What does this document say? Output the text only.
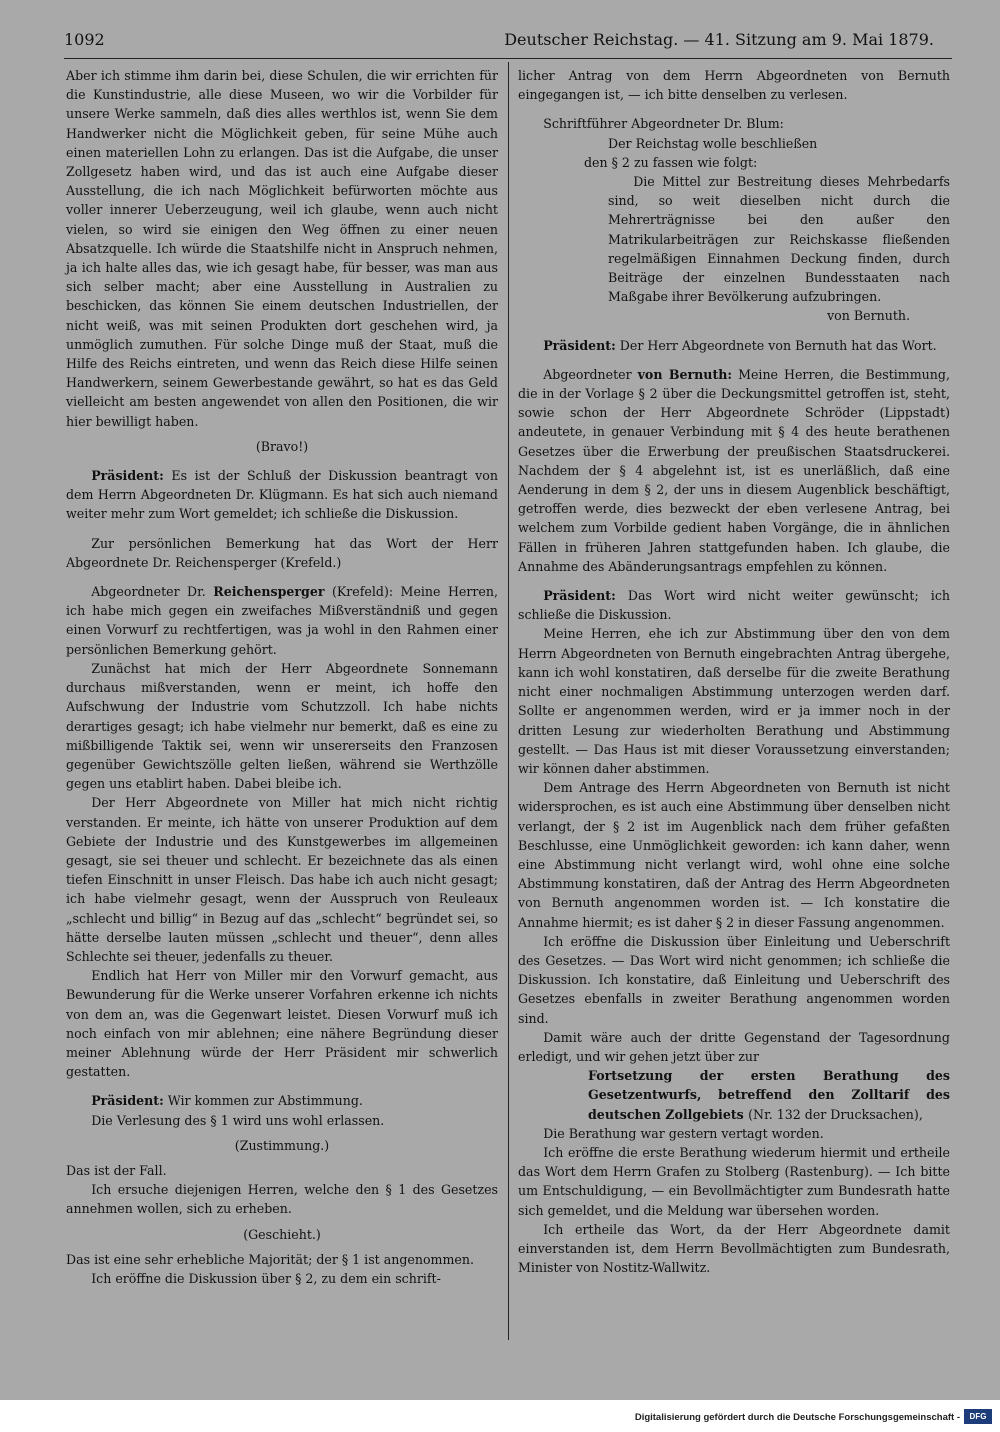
1092	Deutscher Reichstag. — 41. Sitzung am 9. Mai 1879.

Aber ich stimme ihm darin bei, diese Schulen, die wir errichten für die Kunstindustrie, alle diese Museen, wo wir die Vorbilder für unsere Werke sammeln, daß dies alles werthlos ist, wenn Sie dem Handwerker nicht die Möglichkeit geben, für seine Mühe auch einen materiellen Lohn zu erlangen. Das ist die Aufgabe, die unser Zollgesetz haben wird, und das ist auch eine Aufgabe dieser Ausstellung, die ich nach Möglichkeit befürworten möchte aus voller innerer Ueberzeugung, weil ich glaube, wenn auch nicht vielen, so wird sie einigen den Weg öffnen zu einer neuen Absatzquelle. Ich würde die Staatshilfe nicht in Anspruch nehmen, ja ich halte alles das, wie ich gesagt habe, für besser, was man aus sich selber macht; aber eine Ausstellung in Australien zu beschicken, das können Sie einem deutschen Industriellen, der nicht weiß, was mit seinen Produkten dort geschehen wird, ja unmöglich zumuthen. Für solche Dinge muß der Staat, muß die Hilfe des Reichs eintreten, und wenn das Reich diese Hilfe seinen Handwerkern, seinem Gewerbestande gewährt, so hat es das Geld vielleicht am besten angewendet von allen den Positionen, die wir hier bewilligt haben.

(Bravo!)

Präsident: Es ist der Schluß der Diskussion beantragt von dem Herrn Abgeordneten Dr. Klügmann. Es hat sich auch niemand weiter mehr zum Wort gemeldet; ich schließe die Diskussion.

Zur persönlichen Bemerkung hat das Wort der Herr Abgeordnete Dr. Reichensperger (Krefeld.)

Abgeordneter Dr. Reichensperger (Krefeld): Meine Herren, ich habe mich gegen ein zweifaches Mißverständniß und gegen einen Vorwurf zu rechtfertigen, was ja wohl in den Rahmen einer persönlichen Bemerkung gehört.

Zunächst hat mich der Herr Abgeordnete Sonnemann durchaus mißverstanden, wenn er meint, ich hoffe den Aufschwung der Industrie vom Schutzzoll. Ich habe nichts derartiges gesagt; ich habe vielmehr nur bemerkt, daß es eine zu mißbilligende Taktik sei, wenn wir unsererseits den Franzosen gegenüber Gewichtszölle gelten ließen, während sie Werthzölle gegen uns etablirt haben. Dabei bleibe ich.

Der Herr Abgeordnete von Miller hat mich nicht richtig verstanden. Er meinte, ich hätte von unserer Produktion auf dem Gebiete der Industrie und des Kunstgewerbes im allgemeinen gesagt, sie sei theuer und schlecht. Er bezeichnete das als einen tiefen Einschnitt in unser Fleisch. Das habe ich auch nicht gesagt; ich habe vielmehr gesagt, wenn der Ausspruch von Reuleaux „schlecht und billig“ in Bezug auf das „schlecht“ begründet sei, so hätte derselbe lauten müssen „schlecht und theuer“, denn alles Schlechte sei theuer, jedenfalls zu theuer.

Endlich hat Herr von Miller mir den Vorwurf gemacht, aus Bewunderung für die Werke unserer Vorfahren erkenne ich nichts von dem an, was die Gegenwart leistet. Diesen Vorwurf muß ich noch einfach von mir ablehnen; eine nähere Begründung dieser meiner Ablehnung würde der Herr Präsident mir schwerlich gestatten.

Präsident: Wir kommen zur Abstimmung.

Die Verlesung des § 1 wird uns wohl erlassen.

(Zustimmung.)

Das ist der Fall.

Ich ersuche diejenigen Herren, welche den § 1 des Gesetzes annehmen wollen, sich zu erheben.

(Geschieht.)

Das ist eine sehr erhebliche Majorität; der § 1 ist angenommen.

Ich eröffne die Diskussion über § 2, zu dem ein schrift-

licher Antrag von dem Herrn Abgeordneten von Bernuth eingegangen ist, — ich bitte denselben zu verlesen.

Schriftführer Abgeordneter Dr. Blum:

Der Reichstag wolle beschließen

den § 2 zu fassen wie folgt:

Die Mittel zur Bestreitung dieses Mehrbedarfs sind, so weit dieselben nicht durch die Mehrerträgnisse bei den außer den Matrikularbeiträgen zur Reichskasse fließenden regelmäßigen Einnahmen Deckung finden, durch Beiträge der einzelnen Bundesstaaten nach Maßgabe ihrer Bevölkerung aufzubringen.

von Bernuth.

Präsident: Der Herr Abgeordnete von Bernuth hat das Wort.

Abgeordneter von Bernuth: Meine Herren, die Bestimmung, die in der Vorlage § 2 über die Deckungsmittel getroffen ist, steht, sowie schon der Herr Abgeordnete Schröder (Lippstadt) andeutete, in genauer Verbindung mit § 4 des heute berathenen Gesetzes über die Erwerbung der preußischen Staatsdruckerei. Nachdem der § 4 abgelehnt ist, ist es unerläßlich, daß eine Aenderung in dem § 2, der uns in diesem Augenblick beschäftigt, getroffen werde, dies bezweckt der eben verlesene Antrag, bei welchem zum Vorbilde gedient haben Vorgänge, die in ähnlichen Fällen in früheren Jahren stattgefunden haben. Ich glaube, die Annahme des Abänderungsantrags empfehlen zu können.

Präsident: Das Wort wird nicht weiter gewünscht; ich schließe die Diskussion.

Meine Herren, ehe ich zur Abstimmung über den von dem Herrn Abgeordneten von Bernuth eingebrachten Antrag übergehe, kann ich wohl konstatiren, daß derselbe für die zweite Berathung nicht einer nochmaligen Abstimmung unterzogen werden darf. Sollte er angenommen werden, wird er ja immer noch in der dritten Lesung zur wiederholten Berathung und Abstimmung gestellt. — Das Haus ist mit dieser Voraussetzung einverstanden; wir können daher abstimmen.

Dem Antrage des Herrn Abgeordneten von Bernuth ist nicht widersprochen, es ist auch eine Abstimmung über denselben nicht verlangt, der § 2 ist im Augenblick nach dem früher gefaßten Beschlusse, eine Unmöglichkeit geworden: ich kann daher, wenn eine Abstimmung nicht verlangt wird, wohl ohne eine solche Abstimmung konstatiren, daß der Antrag des Herrn Abgeordneten von Bernuth angenommen worden ist. — Ich konstatire die Annahme hiermit; es ist daher § 2 in dieser Fassung angenommen.

Ich eröffne die Diskussion über Einleitung und Ueberschrift des Gesetzes. — Das Wort wird nicht genommen; ich schließe die Diskussion. Ich konstatire, daß Einleitung und Ueberschrift des Gesetzes ebenfalls in zweiter Berathung angenommen worden sind.

Damit wäre auch der dritte Gegenstand der Tagesordnung erledigt, und wir gehen jetzt über zur

Fortsetzung der ersten Berathung des Gesetzentwurfs, betreffend den Zolltarif des deutschen Zollgebiets (Nr. 132 der Drucksachen),

Die Berathung war gestern vertagt worden.

Ich eröffne die erste Berathung wiederum hiermit und ertheile das Wort dem Herrn Grafen zu Stolberg (Rastenburg). — Ich bitte um Entschuldigung, — ein Bevollmächtigter zum Bundesrath hatte sich gemeldet, und die Meldung war übersehen worden.

Ich ertheile das Wort, da der Herr Abgeordnete damit einverstanden ist, dem Herrn Bevollmächtigten zum Bundesrath, Minister von Nostitz-Wallwitz.

Digitalisierung gefördert durch die Deutsche Forschungsgemeinschaft -	DFG
